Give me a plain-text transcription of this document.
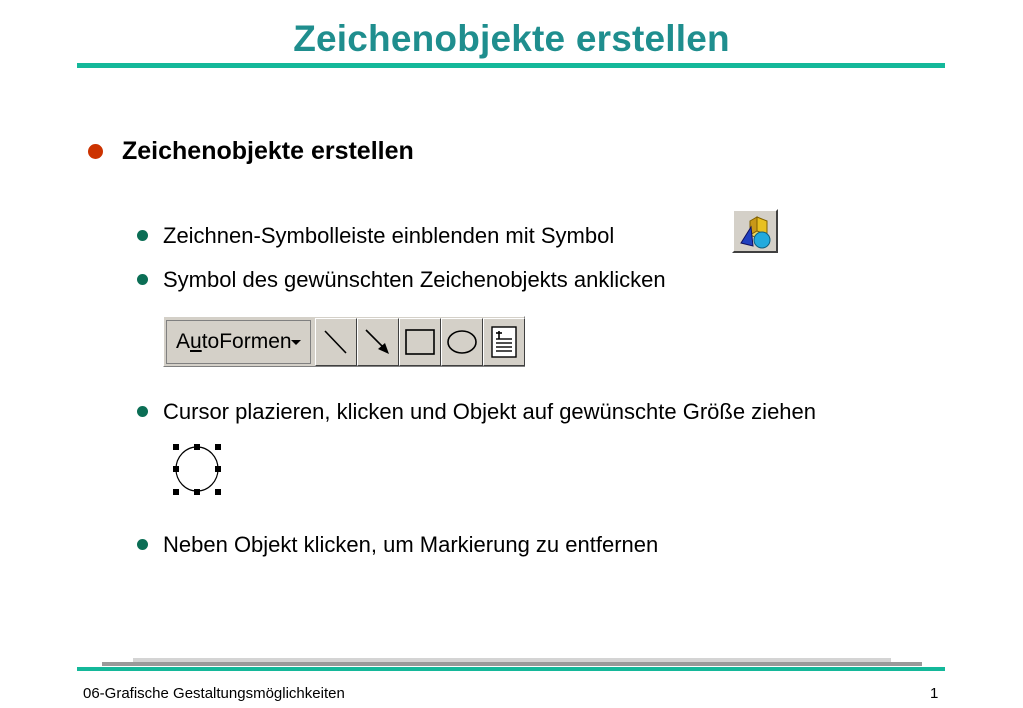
Zeichenobjekte erstellen
Zeichenobjekte erstellen
Zeichnen-Symbolleiste einblenden mit Symbol
Symbol des gewünschten Zeichenobjekts anklicken
AutoFormen
Cursor plazieren, klicken und Objekt auf gewünschte Größe ziehen
Neben Objekt klicken, um Markierung zu entfernen
06-Grafische Gestaltungsmöglichkeiten	1
